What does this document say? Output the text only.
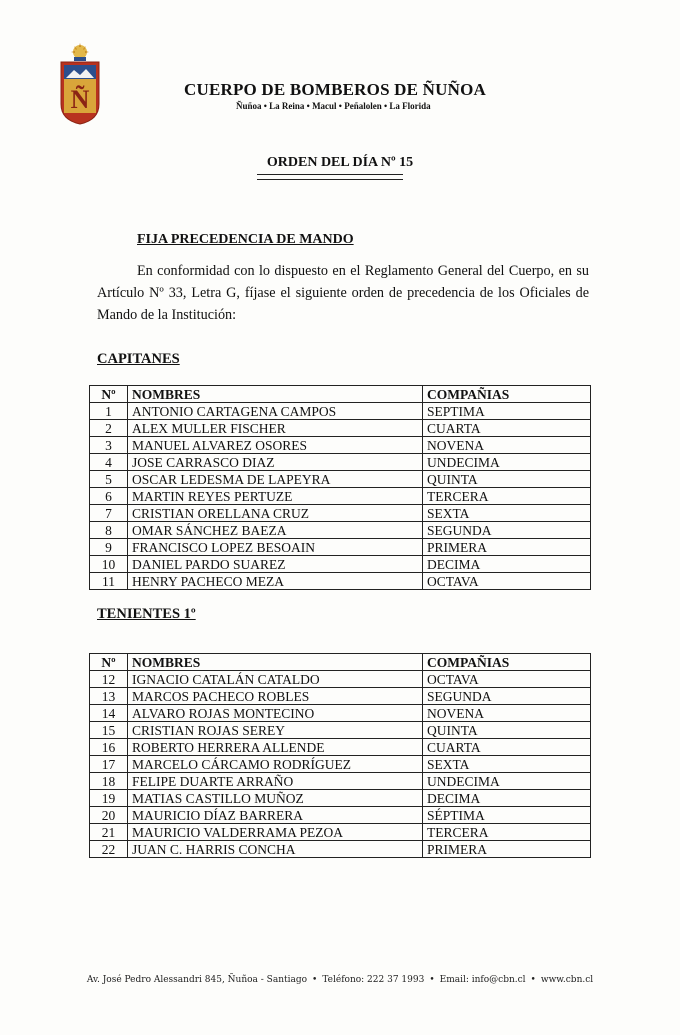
Ñ	CUERPO DE BOMBEROS DE ÑUÑOA
Ñuñoa • La Reina • Macul • Peñalolen • La Florida
ORDEN DEL DÍA Nº 15
FIJA PRECEDENCIA DE MANDO
En conformidad con lo dispuesto en el Reglamento General del Cuerpo, en su Artículo Nº 33, Letra G, fíjase el siguiente orden de precedencia de los Oficiales de Mando de la Institución:
CAPITANES
Nº	NOMBRES	COMPAÑIAS
1	ANTONIO CARTAGENA CAMPOS	SEPTIMA
2	ALEX MULLER FISCHER	CUARTA
3	MANUEL ALVAREZ OSORES	NOVENA
4	JOSE CARRASCO DIAZ	UNDECIMA
5	OSCAR LEDESMA DE LAPEYRA	QUINTA
6	MARTIN REYES PERTUZE	TERCERA
7	CRISTIAN ORELLANA CRUZ	SEXTA
8	OMAR SÁNCHEZ BAEZA	SEGUNDA
9	FRANCISCO LOPEZ BESOAIN	PRIMERA
10	DANIEL PARDO SUAREZ	DECIMA
11	HENRY PACHECO MEZA	OCTAVA
TENIENTES 1º
Nº	NOMBRES	COMPAÑIAS
12	IGNACIO CATALÁN CATALDO	OCTAVA
13	MARCOS PACHECO ROBLES	SEGUNDA
14	ALVARO ROJAS MONTECINO	NOVENA
15	CRISTIAN ROJAS SEREY	QUINTA
16	ROBERTO HERRERA ALLENDE	CUARTA
17	MARCELO CÁRCAMO RODRÍGUEZ	SEXTA
18	FELIPE DUARTE ARRAÑO	UNDECIMA
19	MATIAS CASTILLO MUÑOZ	DECIMA
20	MAURICIO DÍAZ BARRERA	SÉPTIMA
21	MAURICIO VALDERRAMA PEZOA	TERCERA
22	JUAN C. HARRIS CONCHA	PRIMERA
Av. José Pedro Alessandri 845, Ñuñoa - Santiago • Teléfono: 222 37 1993 • Email: info@cbn.cl • www.cbn.cl
